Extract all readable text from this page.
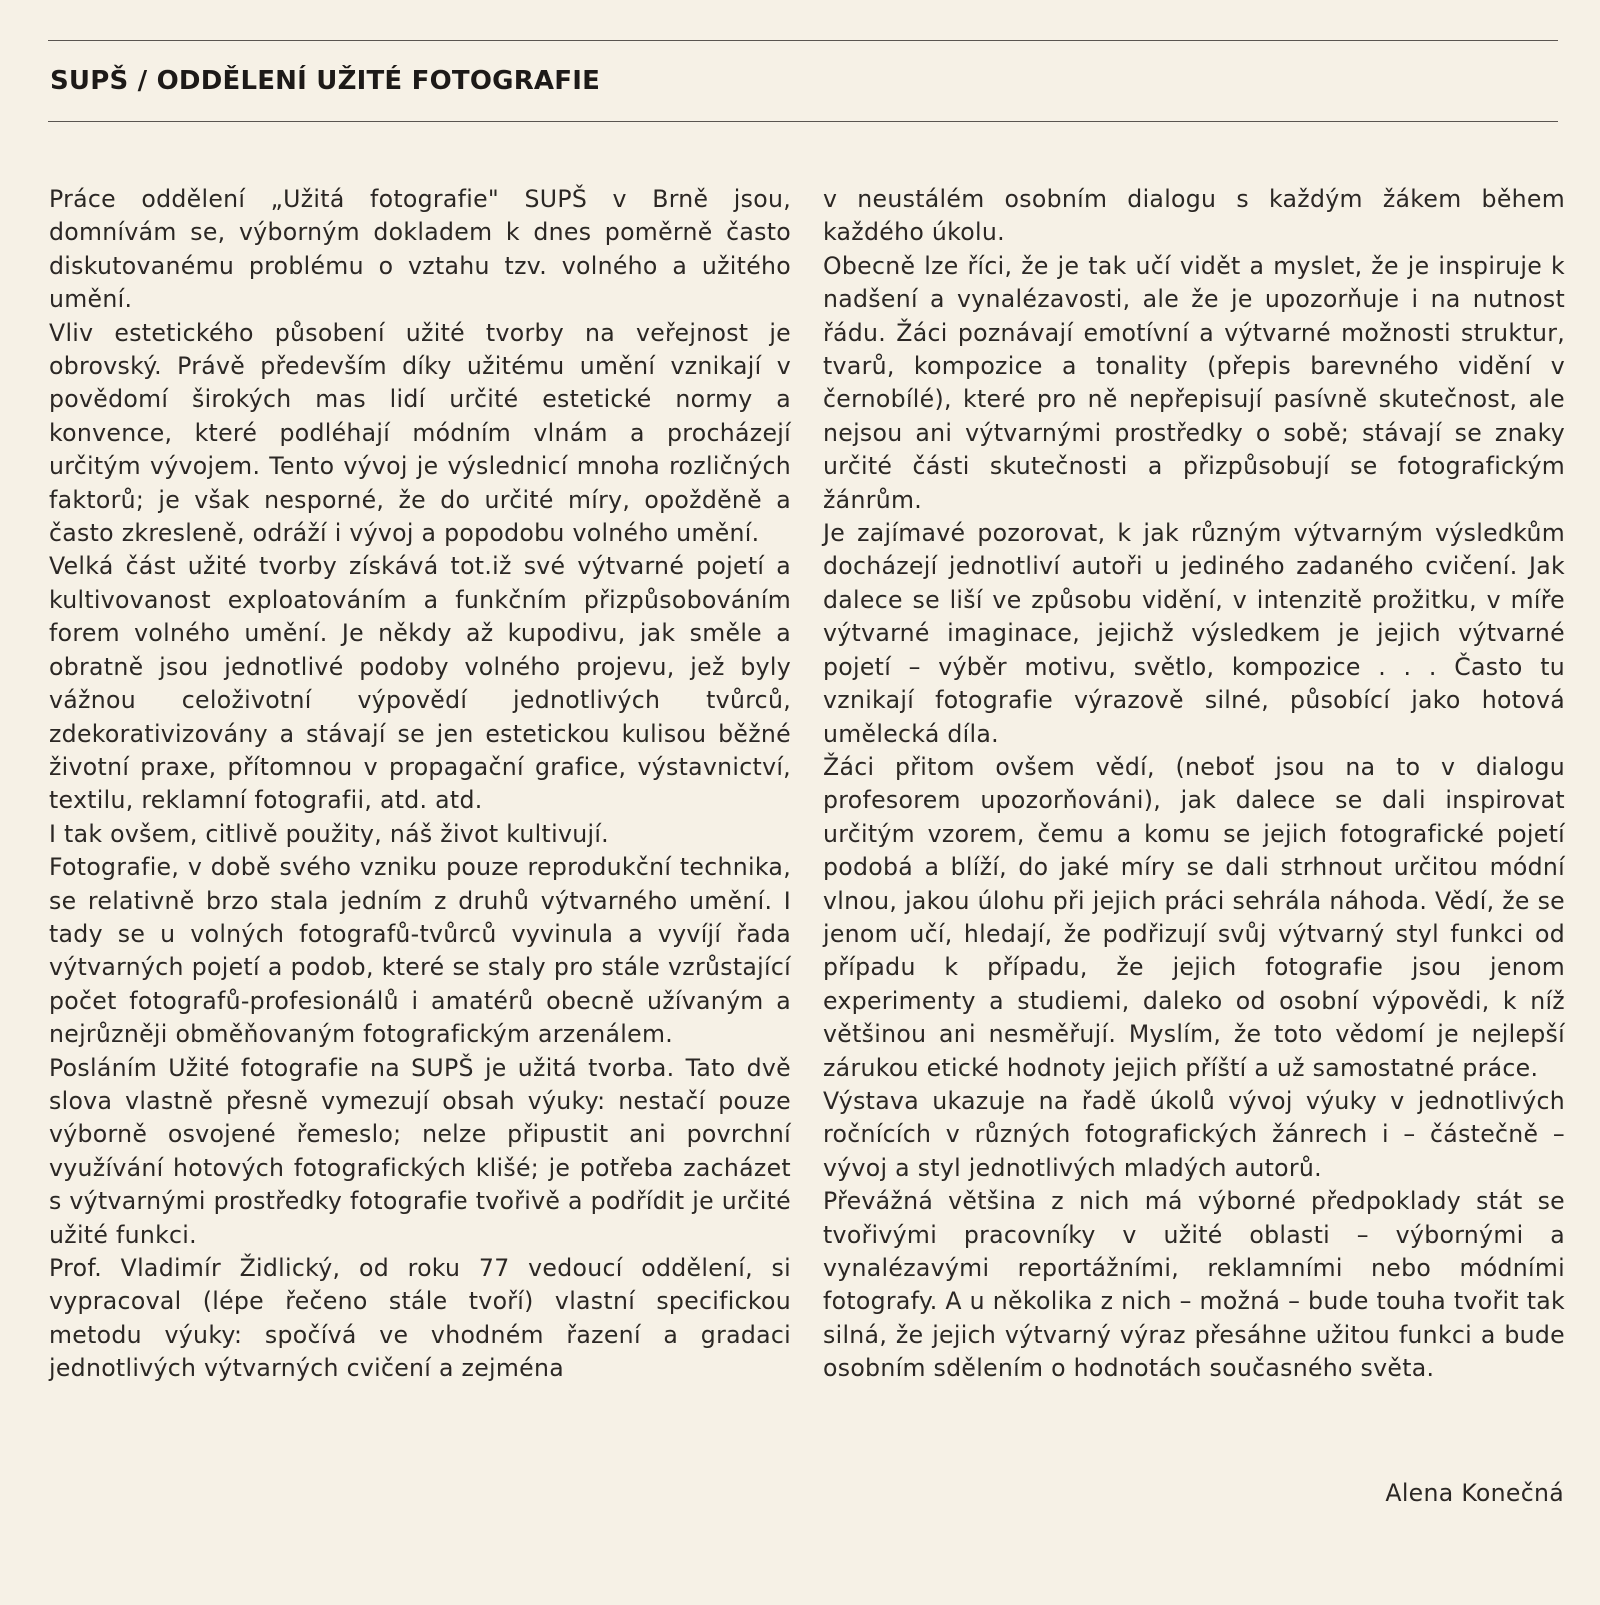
SUPŠ / ODDĚLENÍ UŽITÉ FOTOGRAFIE

Práce oddělení „Užitá fotografie" SUPŠ v Brně jsou, domnívám se, výborným dokladem k dnes poměrně často diskutovanému problému o vztahu tzv. volného a užitého umění.

Vliv estetického působení užité tvorby na veřejnost je obrovský. Právě především díky užitému umění vznikají v povědomí širokých mas lidí určité estetické normy a konvence, které podléhají módním vlnám a procházejí určitým vývojem. Tento vývoj je výslednicí mnoha rozličných faktorů; je však nesporné, že do určité míry, opožděně a často zkresleně, odráží i vývoj a popodobu volného umění.

Velká část užité tvorby získává tot.iž své výtvarné pojetí a kultivovanost exploatováním a funkčním přizpůsobováním forem volného umění. Je někdy až kupodivu, jak směle a obratně jsou jednotlivé podoby volného projevu, jež byly vážnou celoživotní výpovědí jednotlivých tvůrců, zdekorativizovány a stávají se jen estetickou kulisou běžné životní praxe, přítomnou v propagační grafice, výstavnictví, textilu, reklamní fotografii, atd. atd.

I tak ovšem, citlivě použity, náš život kultivují.

Fotografie, v době svého vzniku pouze reprodukční technika, se relativně brzo stala jedním z druhů výtvarného umění. I tady se u volných fotografů-tvůrců vyvinula a vyvíjí řada výtvarných pojetí a podob, které se staly pro stále vzrůstající počet fotografů-profesionálů i amatérů obecně užívaným a nejrůzněji obměňovaným fotografickým arzenálem.

Posláním Užité fotografie na SUPŠ je užitá tvorba. Tato dvě slova vlastně přesně vymezují obsah výuky: nestačí pouze výborně osvojené řemeslo; nelze připustit ani povrchní využívání hotových fotografických klišé; je potřeba zacházet s výtvarnými prostředky fotografie tvořivě a podřídit je určité užité funkci.

Prof. Vladimír Židlický, od roku 77 vedoucí oddělení, si vypracoval (lépe řečeno stále tvoří) vlastní specifickou metodu výuky: spočívá ve vhodném řazení a gradaci jednotlivých výtvarných cvičení a zejména

v neustálém osobním dialogu s každým žákem během každého úkolu.

Obecně lze říci, že je tak učí vidět a myslet, že je inspiruje k nadšení a vynalézavosti, ale že je upozorňuje i na nutnost řádu. Žáci poznávají emotívní a výtvarné možnosti struktur, tvarů, kompozice a tonality (přepis barevného vidění v černobílé), které pro ně nepřepisují pasívně skutečnost, ale nejsou ani výtvarnými prostředky o sobě; stávají se znaky určité části skutečnosti a přizpůsobují se fotografickým žánrům.

Je zajímavé pozorovat, k jak různým výtvarným výsledkům docházejí jednotliví autoři u jediného zadaného cvičení. Jak dalece se liší ve způsobu vidění, v intenzitě prožitku, v míře výtvarné imaginace, jejichž výsledkem je jejich výtvarné pojetí – výběr motivu, světlo, kompozice . . . Často tu vznikají fotografie výrazově silné, působící jako hotová umělecká díla.

Žáci přitom ovšem vědí, (neboť jsou na to v dialogu profesorem upozorňováni), jak dalece se dali inspirovat určitým vzorem, čemu a komu se jejich fotografické pojetí podobá a blíží, do jaké míry se dali strhnout určitou módní vlnou, jakou úlohu při jejich práci sehrála náhoda. Vědí, že se jenom učí, hledají, že podřizují svůj výtvarný styl funkci od případu k případu, že jejich fotografie jsou jenom experimenty a studiemi, daleko od osobní výpovědi, k níž většinou ani nesměřují. Myslím, že toto vědomí je nejlepší zárukou etické hodnoty jejich příští a už samostatné práce.

Výstava ukazuje na řadě úkolů vývoj výuky v jednotlivých ročnících v různých fotografických žánrech i – částečně – vývoj a styl jednotlivých mladých autorů.

Převážná většina z nich má výborné předpoklady stát se tvořivými pracovníky v užité oblasti – výbornými a vynalézavými reportážními, reklamními nebo módními fotografy. A u několika z nich – možná – bude touha tvořit tak silná, že jejich výtvarný výraz přesáhne užitou funkci a bude osobním sdělením o hodnotách současného světa.

Alena Konečná
